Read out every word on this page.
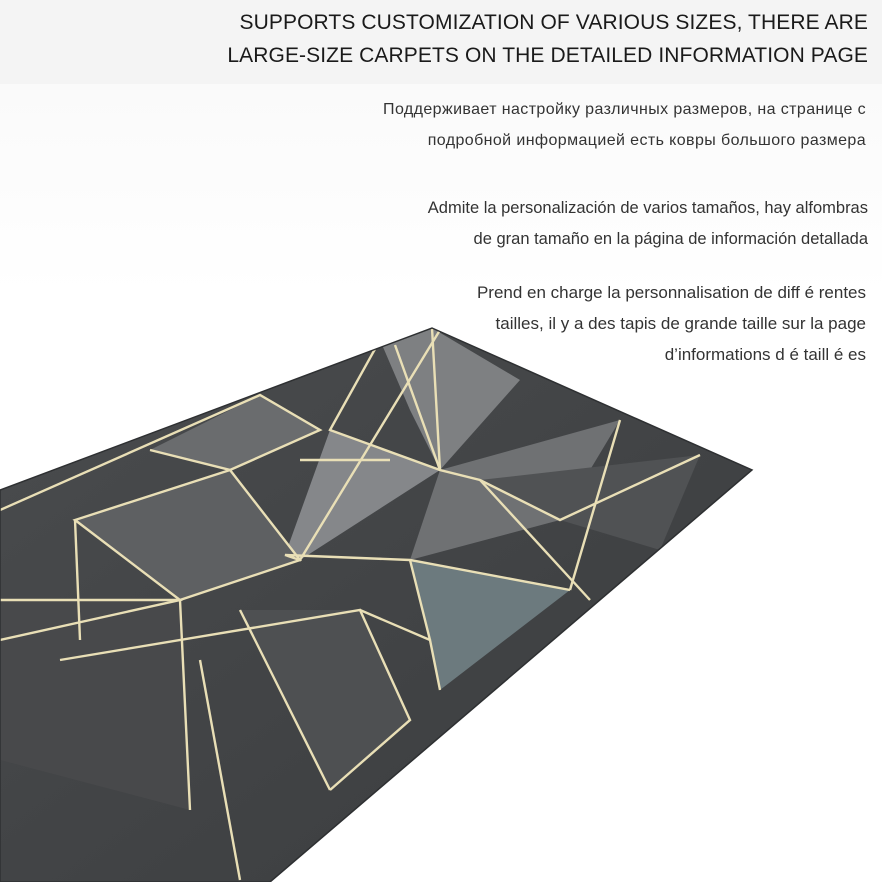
SUPPORTS CUSTOMIZATION OF VARIOUS SIZES, THERE ARE
LARGE-SIZE CARPETS ON THE DETAILED INFORMATION PAGE
Поддерживает настройку различных размеров, на странице с
подробной информацией есть ковры большого размера
Admite la personalización de varios tamaños, hay alfombras
de gran tamaño en la página de información detallada
Prend en charge la personnalisation de diff é rentes
tailles, il y a des tapis de grande taille sur la page
d’informations d é taill é es
